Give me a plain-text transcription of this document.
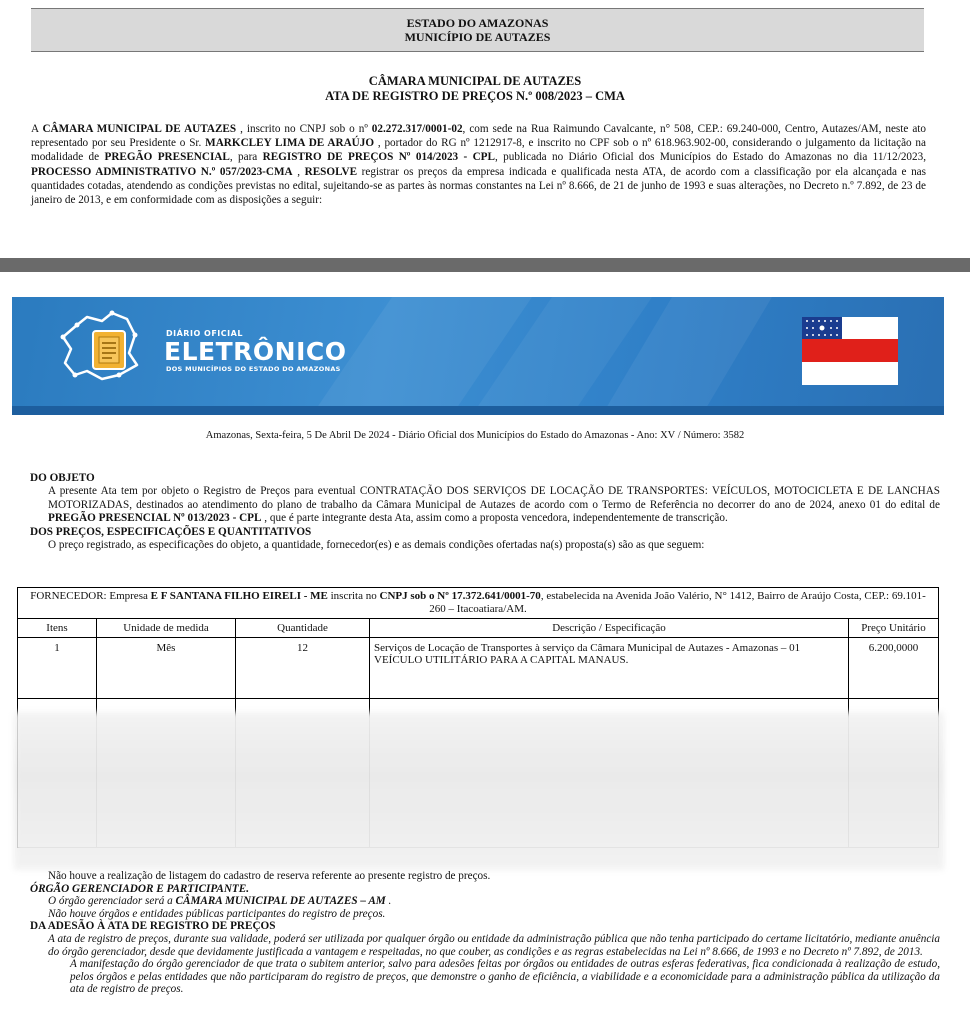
ESTADO DO AMAZONAS
MUNICÍPIO DE AUTAZES
CÂMARA MUNICIPAL DE AUTAZES
ATA DE REGISTRO DE PREÇOS N.º 008/2023 – CMA
A CÂMARA MUNICIPAL DE AUTAZES , inscrito no CNPJ sob o nº 02.272.317/0001-02, com sede na Rua Raimundo Cavalcante, n° 508, CEP.: 69.240-000, Centro, Autazes/AM, neste ato representado por seu Presidente o Sr. MARKCLEY LIMA DE ARAÚJO , portador do RG nº 1212917-8, e inscrito no CPF sob o nº 618.963.902-00, considerando o julgamento da licitação na modalidade de PREGÃO PRESENCIAL, para REGISTRO DE PREÇOS Nº 014/2023 - CPL, publicada no Diário Oficial dos Municípios do Estado do Amazonas no dia 11/12/2023, PROCESSO ADMINISTRATIVO N.º 057/2023-CMA , RESOLVE registrar os preços da empresa indicada e qualificada nesta ATA, de acordo com a classificação por ela alcançada e nas quantidades cotadas, atendendo as condições previstas no edital, sujeitando-se as partes às normas constantes na Lei nº 8.666, de 21 de junho de 1993 e suas alterações, no Decreto n.º 7.892, de 23 de janeiro de 2013, e em conformidade com as disposições a seguir:
DIÁRIO OFICIAL
ELETRÔNICO
DOS MUNICÍPIOS DO ESTADO DO AMAZONAS
Amazonas, Sexta-feira, 5 De Abril De 2024 - Diário Oficial dos Municípios do Estado do Amazonas - Ano: XV / Número: 3582
DO OBJETO
A presente Ata tem por objeto o Registro de Preços para eventual CONTRATAÇÃO DOS SERVIÇOS DE LOCAÇÃO DE TRANSPORTES: VEÍCULOS, MOTOCICLETA E DE LANCHAS MOTORIZADAS, destinados ao atendimento do plano de trabalho da Câmara Municipal de Autazes de acordo com o Termo de Referência no decorrer do ano de 2024, anexo 01 do edital de PREGÃO PRESENCIAL Nº 013/2023 - CPL , que é parte integrante desta Ata, assim como a proposta vencedora, independentemente de transcrição.
DOS PREÇOS, ESPECIFICAÇÕES E QUANTITATIVOS
O preço registrado, as especificações do objeto, a quantidade, fornecedor(es) e as demais condições ofertadas na(s) proposta(s) são as que seguem:
FORNECEDOR: Empresa E F SANTANA FILHO EIRELI - ME inscrita no CNPJ sob o Nº 17.372.641/0001-70, estabelecida na Avenida João Valério, N° 1412, Bairro de Araújo Costa, CEP.: 69.101-260 – Itacoatiara/AM.				
Itens	Unidade de medida	Quantidade	Descrição / Especificação	Preço Unitário
1	Mês	12	Serviços de Locação de Transportes à serviço da Câmara Municipal de Autazes - Amazonas – 01 VEÍCULO UTILITÁRIO PARA A CAPITAL MANAUS.	6.200,0000

Não houve a realização de listagem do cadastro de reserva referente ao presente registro de preços.
ÓRGÃO GERENCIADOR E PARTICIPANTE.
O órgão gerenciador será a CÂMARA MUNICIPAL DE AUTAZES – AM .
Não houve órgãos e entidades públicas participantes do registro de preços.
DA ADESÃO À ATA DE REGISTRO DE PREÇOS
A ata de registro de preços, durante sua validade, poderá ser utilizada por qualquer órgão ou entidade da administração pública que não tenha participado do certame licitatório, mediante anuência do órgão gerenciador, desde que devidamente justificada a vantagem e respeitadas, no que couber, as condições e as regras estabelecidas na Lei nº 8.666, de 1993 e no Decreto nº 7.892, de 2013.
A manifestação do órgão gerenciador de que trata o subitem anterior, salvo para adesões feitas por órgãos ou entidades de outras esferas federativas, fica condicionada à realização de estudo, pelos órgãos e pelas entidades que não participaram do registro de preços, que demonstre o ganho de eficiência, a viabilidade e a economicidade para a administração pública da utilização da ata de registro de preços.
